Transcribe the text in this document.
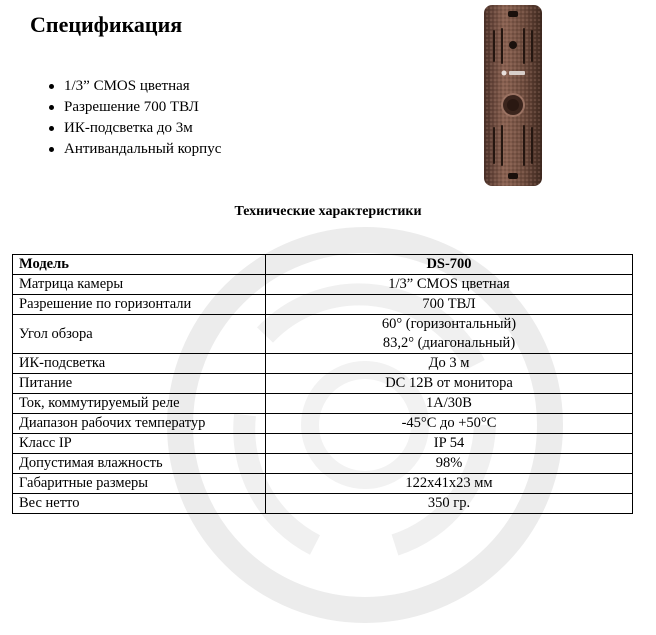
Спецификация
1/3” CMOS цветная
Разрешение 700 ТВЛ
ИК-подсветка до 3м
Антивандальный корпус
Технические характеристики
Модель	DS-700
Матрица камеры	1/3” CMOS цветная
Разрешение по горизонтали	700 ТВЛ
Угол обзора	60° (горизонтальный)
83,2° (диагональный)

ИК-подсветка	До 3 м
Питание	DC 12В от монитора
Ток, коммутируемый реле	1А/30В
Диапазон рабочих температур	-45°С до +50°С
Класс IP	IP 54
Допустимая влажность	98%
Габаритные размеры	122x41x23 мм
Вес нетто	350 гр.
